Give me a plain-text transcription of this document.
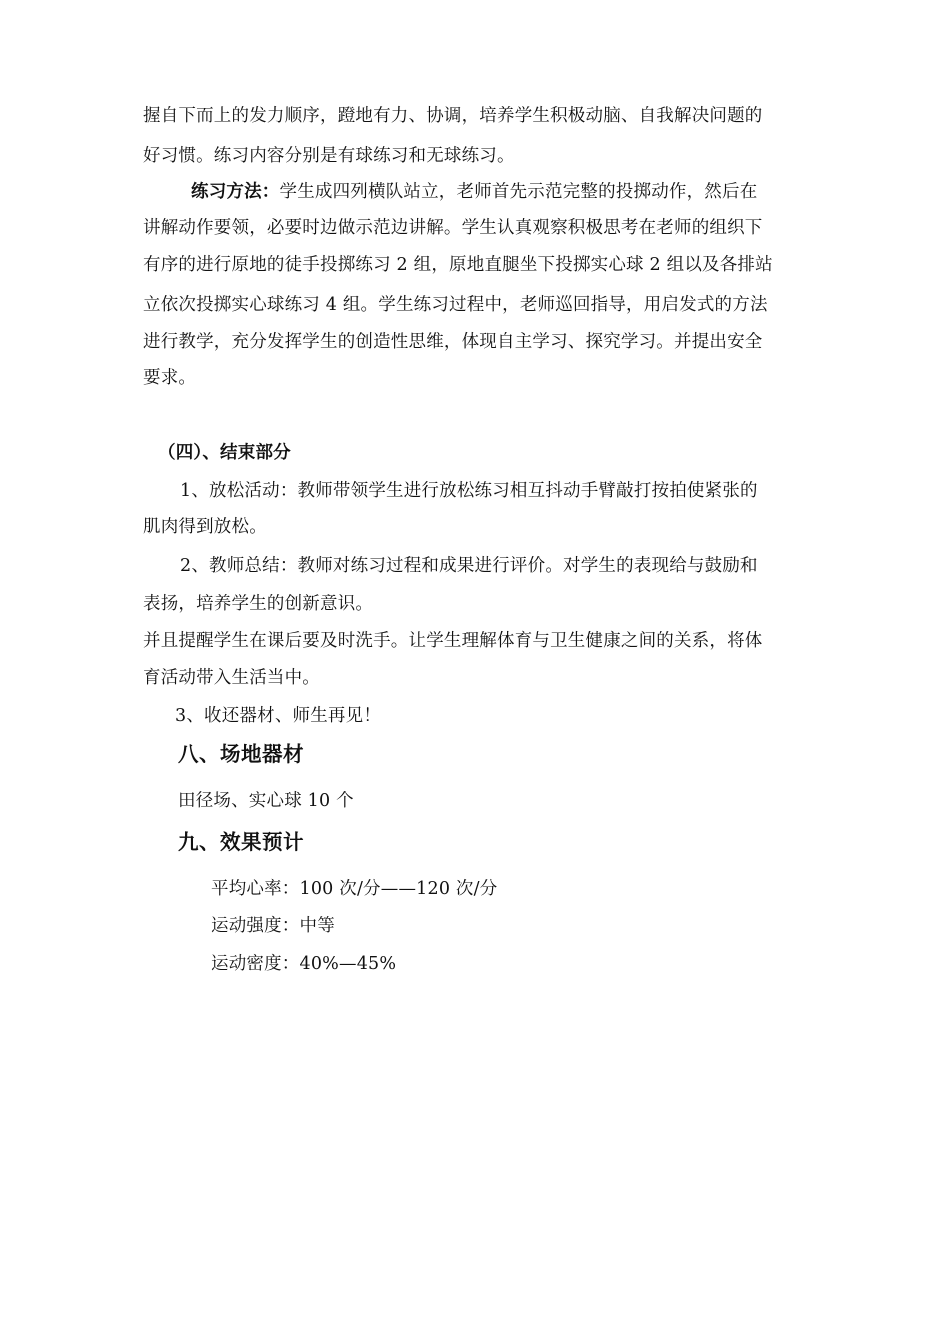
握自下而上的发力顺序，蹬地有力、协调，培养学生积极动脑、自我解决问题的
好习惯。练习内容分别是有球练习和无球练习。
练习方法：学生成四列横队站立，老师首先示范完整的投掷动作，然后在
讲解动作要领，必要时边做示范边讲解。学生认真观察积极思考在老师的组织下
有序的进行原地的徒手投掷练习 2 组，原地直腿坐下投掷实心球 2 组以及各排站
立依次投掷实心球练习 4 组。学生练习过程中，老师巡回指导，用启发式的方法
进行教学，充分发挥学生的创造性思维，体现自主学习、探究学习。并提出安全
要求。
（四）、结束部分
1、放松活动：教师带领学生进行放松练习相互抖动手臂敲打按拍使紧张的
肌肉得到放松。
2、教师总结：教师对练习过程和成果进行评价。对学生的表现给与鼓励和
表扬，培养学生的创新意识。
并且提醒学生在课后要及时洗手。让学生理解体育与卫生健康之间的关系，将体
育活动带入生活当中。
3、收还器材、师生再见！
八、场地器材
田径场、实心球 10 个
九、效果预计
平均心率：100 次/分——120 次/分
运动强度：中等
运动密度：40%—45%
